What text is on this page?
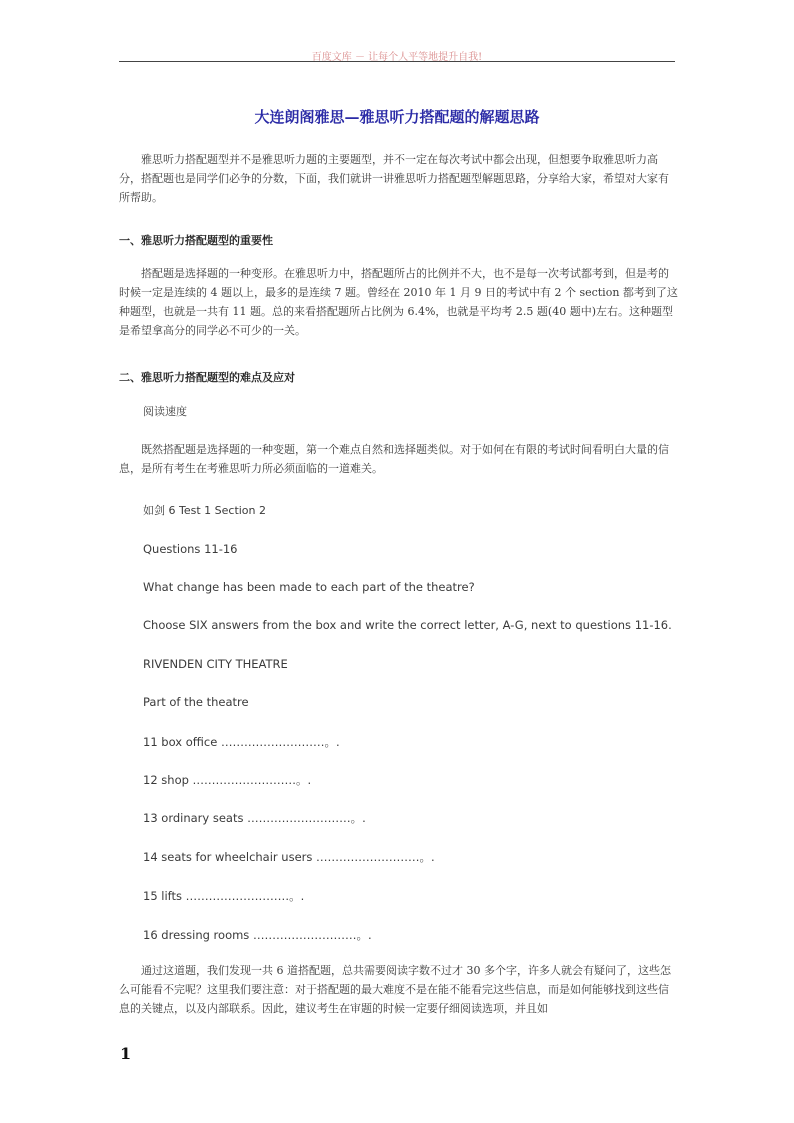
百度文库 － 让每个人平等地提升自我!
大连朗阁雅思—雅思听力搭配题的解题思路
雅思听力搭配题型并不是雅思听力题的主要题型，并不一定在每次考试中都会出现，但想要争取雅思听力高分，搭配题也是同学们必争的分数，下面，我们就讲一讲雅思听力搭配题型解题思路，分享给大家，希望对大家有所帮助。
一、雅思听力搭配题型的重要性
搭配题是选择题的一种变形。在雅思听力中，搭配题所占的比例并不大，也不是每一次考试都考到，但是考的时候一定是连续的 4 题以上，最多的是连续 7 题。曾经在 2010 年 1 月 9 日的考试中有 2 个 section 都考到了这种题型，也就是一共有 11 题。总的来看搭配题所占比例为 6.4%，也就是平均考 2.5 题(40 题中)左右。这种题型是希望拿高分的同学必不可少的一关。
二、雅思听力搭配题型的难点及应对
阅读速度
既然搭配题是选择题的一种变题，第一个难点自然和选择题类似。对于如何在有限的考试时间看明白大量的信息，是所有考生在考雅思听力所必须面临的一道难关。
如剑 6 Test 1 Section 2
Questions 11-16
What change has been made to each part of the theatre?
Choose SIX answers from the box and write the correct letter, A-G, next to questions 11-16.
RIVENDEN CITY THEATRE
Part of the theatre
11 box office ………………………。.
12 shop ………………………。.
13 ordinary seats ………………………。.
14 seats for wheelchair users ………………………。.
15 lifts ………………………。.
16 dressing rooms ………………………。.
通过这道题，我们发现一共 6 道搭配题，总共需要阅读字数不过才 30 多个字，许多人就会有疑问了，这些怎么可能看不完呢？这里我们要注意：对于搭配题的最大难度不是在能不能看完这些信息，而是如何能够找到这些信息的关键点，以及内部联系。因此，建议考生在审题的时候一定要仔细阅读选项，并且如
1
